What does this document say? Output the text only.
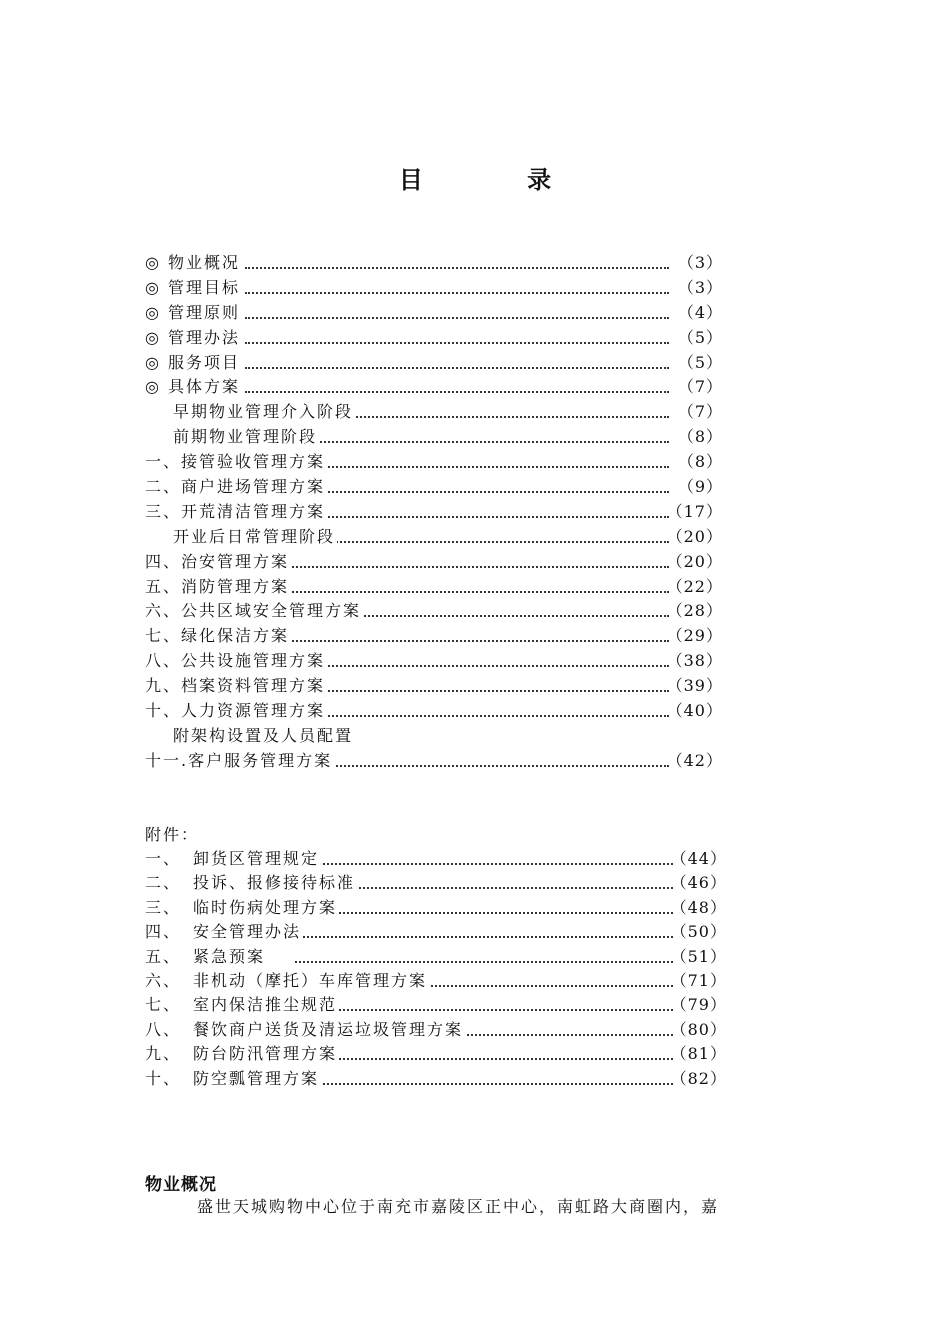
目 录
◎ 物业概况	（3）
◎ 管理目标	（3）
◎ 管理原则	（4）
◎ 管理办法	（5）
◎ 服务项目	（5）
◎ 具体方案	（7）
早期物业管理介入阶段	（7）
前期物业管理阶段	（8）
一、接管验收管理方案	（8）
二、商户进场管理方案	（9）
三、开荒清洁管理方案	（17）
开业后日常管理阶段	（20）
四、治安管理方案	（20）
五、消防管理方案	（22）
六、公共区域安全管理方案	（28）
七、绿化保洁方案	（29）
八、公共设施管理方案	（38）
九、档案资料管理方案	（39）
十、人力资源管理方案	（40）
附架构设置及人员配置
十一.客户服务管理方案	（42）
附件：
一、 卸货区管理规定	（44）
二、 投诉、报修接待标准	（46）
三、 临时伤病处理方案	（48）
四、 安全管理办法	（50）
五、 紧急预案	（51）
六、 非机动（摩托）车库管理方案	（71）
七、 室内保洁推尘规范	（79）
八、 餐饮商户送货及清运垃圾管理方案	（80）
九、 防台防汛管理方案	（81）
十、 防空瓢管理方案	（82）
物业概况
盛世天城购物中心位于南充市嘉陵区正中心，南虹路大商圈内，嘉
